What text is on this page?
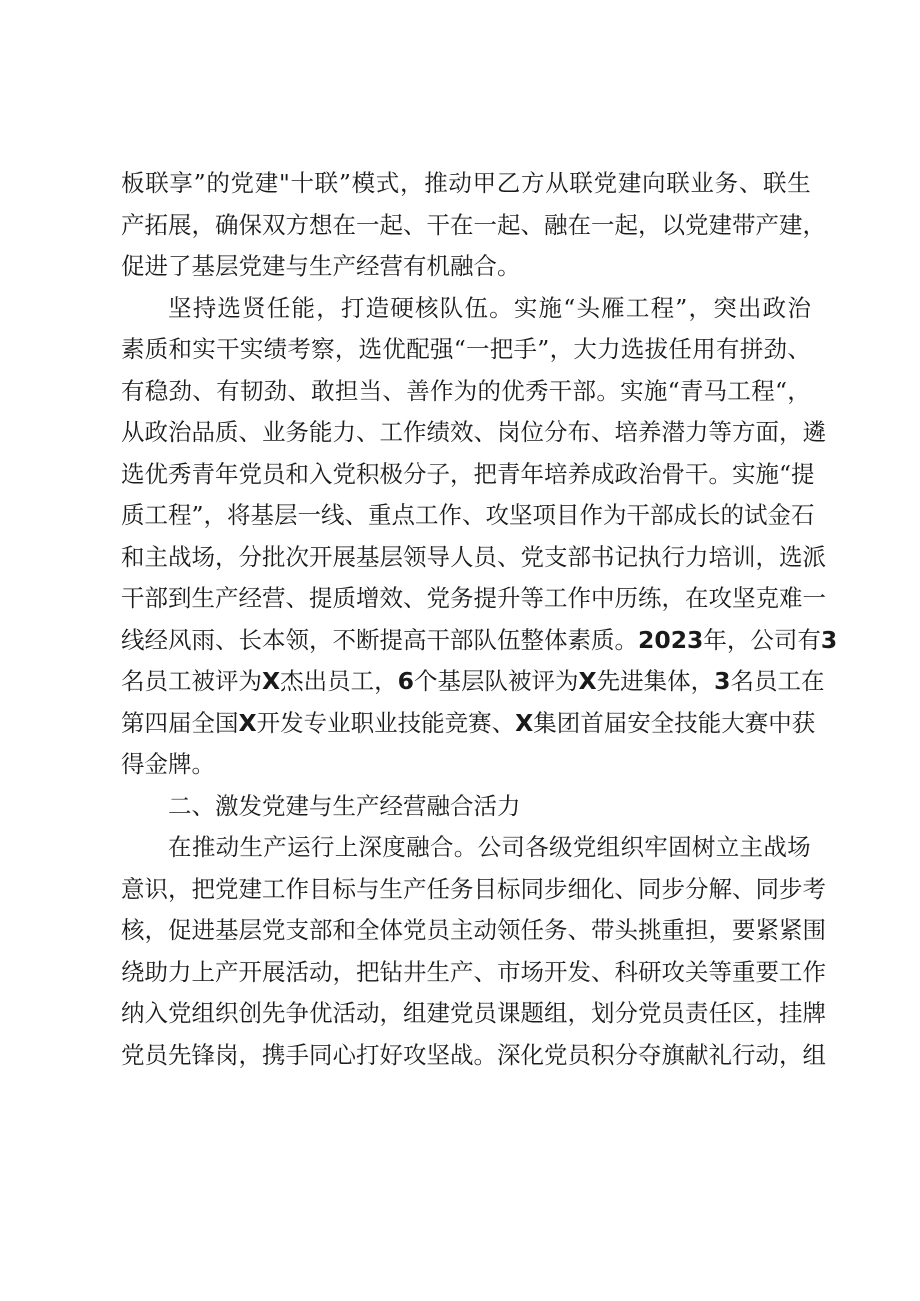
板 联 享 ” 的 党 建 " 十 联 ” 模 式 ， 推 动 甲 乙 方 从 联 党 建 向 联 业 务 、 联 生
产 拓 展 ， 确 保 双 方 想 在 一 起 、 干 在 一 起 、 融 在 一 起 ， 以 党 建 带 产 建 ，
促 进 了 基 层 党 建 与 生 产 经 营 有 机 融 合 。
坚 持 选 贤 任 能 ， 打 造 硬 核 队 伍 。 实 施 “ 头 雁 工 程 ” ， 突 出 政 治
素 质 和 实 干 实 绩 考 察 ， 选 优 配 强 “ 一 把 手 ” ， 大 力 选 拔 任 用 有 拼 劲 、
有 稳 劲 、 有 韧 劲 、 敢 担 当 、 善 作 为 的 优 秀 干 部 。 实 施 “ 青 马 工 程 “ ，
从 政 治 品 质 、 业 务 能 力 、 工 作 绩 效 、 岗 位 分 布 、 培 养 潜 力 等 方 面 ， 遴
选 优 秀 青 年 党 员 和 入 党 积 极 分 子 ， 把 青 年 培 养 成 政 治 骨 干 。 实 施 “ 提
质 工 程 ” ， 将 基 层 一 线 、 重 点 工 作 、 攻 坚 项 目 作 为 干 部 成 长 的 试 金 石
和 主 战 场 ， 分 批 次 开 展 基 层 领 导 人 员 、 党 支 部 书 记 执 行 力 培 训 ， 选 派
干 部 到 生 产 经 营 、 提 质 增 效 、 党 务 提 升 等 工 作 中 历 练 ， 在 攻 坚 克 难 一
线 经 风 雨 、 长 本 领 ， 不 断 提 高 干 部 队 伍 整 体 素 质 。 2023 年 ， 公 司 有 3
名 员 工 被 评 为 X 杰 出 员 工 ， 6 个 基 层 队 被 评 为 X 先 进 集 体 ， 3 名 员 工 在
第 四 届 全 国 X 开 发 专 业 职 业 技 能 竞 赛 、 X 集 团 首 届 安 全 技 能 大 赛 中 获
得 金 牌 。
二 、 激 发 党 建 与 生 产 经 营 融 合 活 力
在 推 动 生 产 运 行 上 深 度 融 合 。 公 司 各 级 党 组 织 牢 固 树 立 主 战 场
意 识 ， 把 党 建 工 作 目 标 与 生 产 任 务 目 标 同 步 细 化 、 同 步 分 解 、 同 步 考
核 ， 促 进 基 层 党 支 部 和 全 体 党 员 主 动 领 任 务 、 带 头 挑 重 担 ， 要 紧 紧 围
绕 助 力 上 产 开 展 活 动 ， 把 钻 井 生 产 、 市 场 开 发 、 科 研 攻 关 等 重 要 工 作
纳 入 党 组 织 创 先 争 优 活 动 ， 组 建 党 员 课 题 组 ， 划 分 党 员 责 任 区 ， 挂 牌
党 员 先 锋 岗 ， 携 手 同 心 打 好 攻 坚 战 。 深 化 党 员 积 分 夺 旗 献 礼 行 动 ， 组
